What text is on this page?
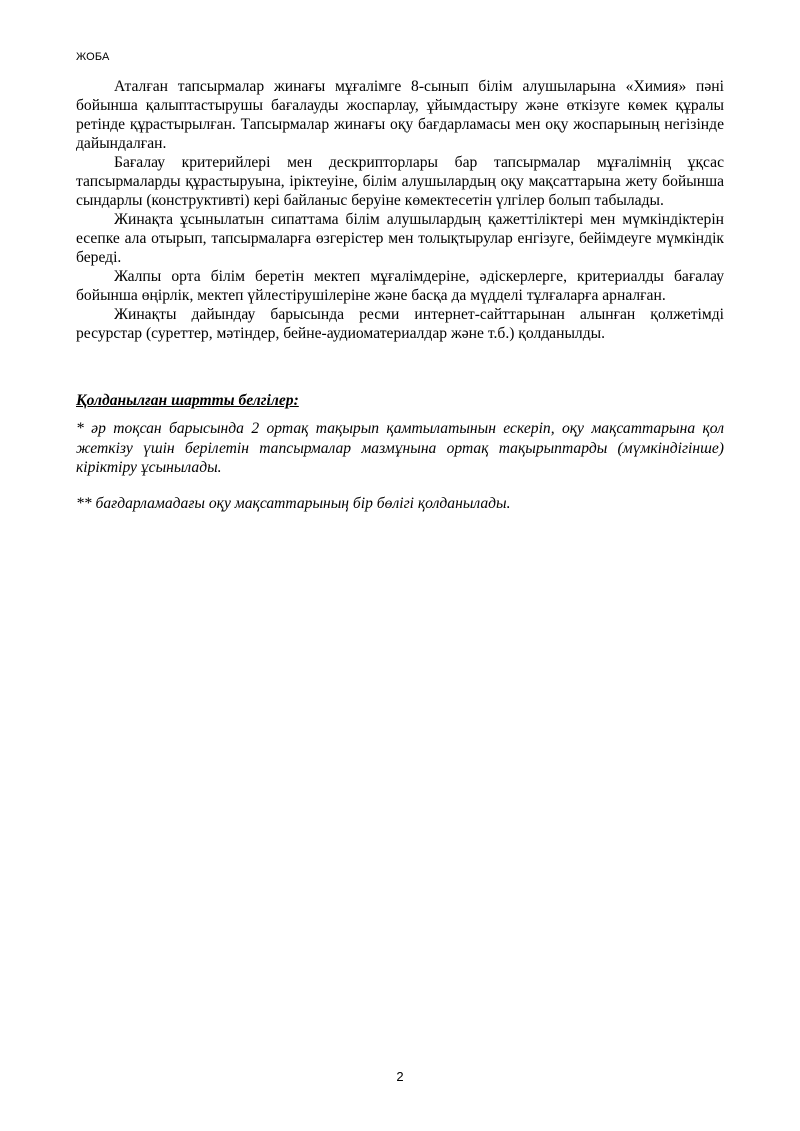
ЖОБА

Аталған тапсырмалар жинағы мұғалімге 8-сынып білім алушыларына «Химия» пәні бойынша қалыптастырушы бағалауды жоспарлау, ұйымдастыру және өткізуге көмек құралы ретінде құрастырылған. Тапсырмалар жинағы оқу бағдарламасы мен оқу жоспарының негізінде дайындалған.

Бағалау критерийлері мен дескрипторлары бар тапсырмалар мұғалімнің ұқсас тапсырмаларды құрастыруына, іріктеуіне, білім алушылардың оқу мақсаттарына жету бойынша сындарлы (конструктивті) кері байланыс беруіне көмектесетін үлгілер болып табылады.

Жинақта ұсынылатын сипаттама білім алушылардың қажеттіліктері мен мүмкіндіктерін есепке ала отырып, тапсырмаларға өзгерістер мен толықтырулар енгізуге, бейімдеуге мүмкіндік береді.

Жалпы орта білім беретін мектеп мұғалімдеріне, әдіскерлерге, критериалды бағалау бойынша өңірлік, мектеп үйлестірушілеріне және басқа да мүдделі тұлғаларға арналған.

Жинақты дайындау барысында ресми интернет-сайттарынан алынған қолжетімді ресурстар (суреттер, мәтіндер, бейне-аудиоматериалдар және т.б.) қолданылды.

Қолданылған шартты белгілер:

* әр тоқсан барысында 2 ортақ тақырып қамтылатынын ескеріп, оқу мақсаттарына қол жеткізу үшін берілетін тапсырмалар мазмұнына ортақ тақырыптарды (мүмкіндігінше) кіріктіру ұсынылады.

** бағдарламадағы оқу мақсаттарының бір бөлігі қолданылады.

2
